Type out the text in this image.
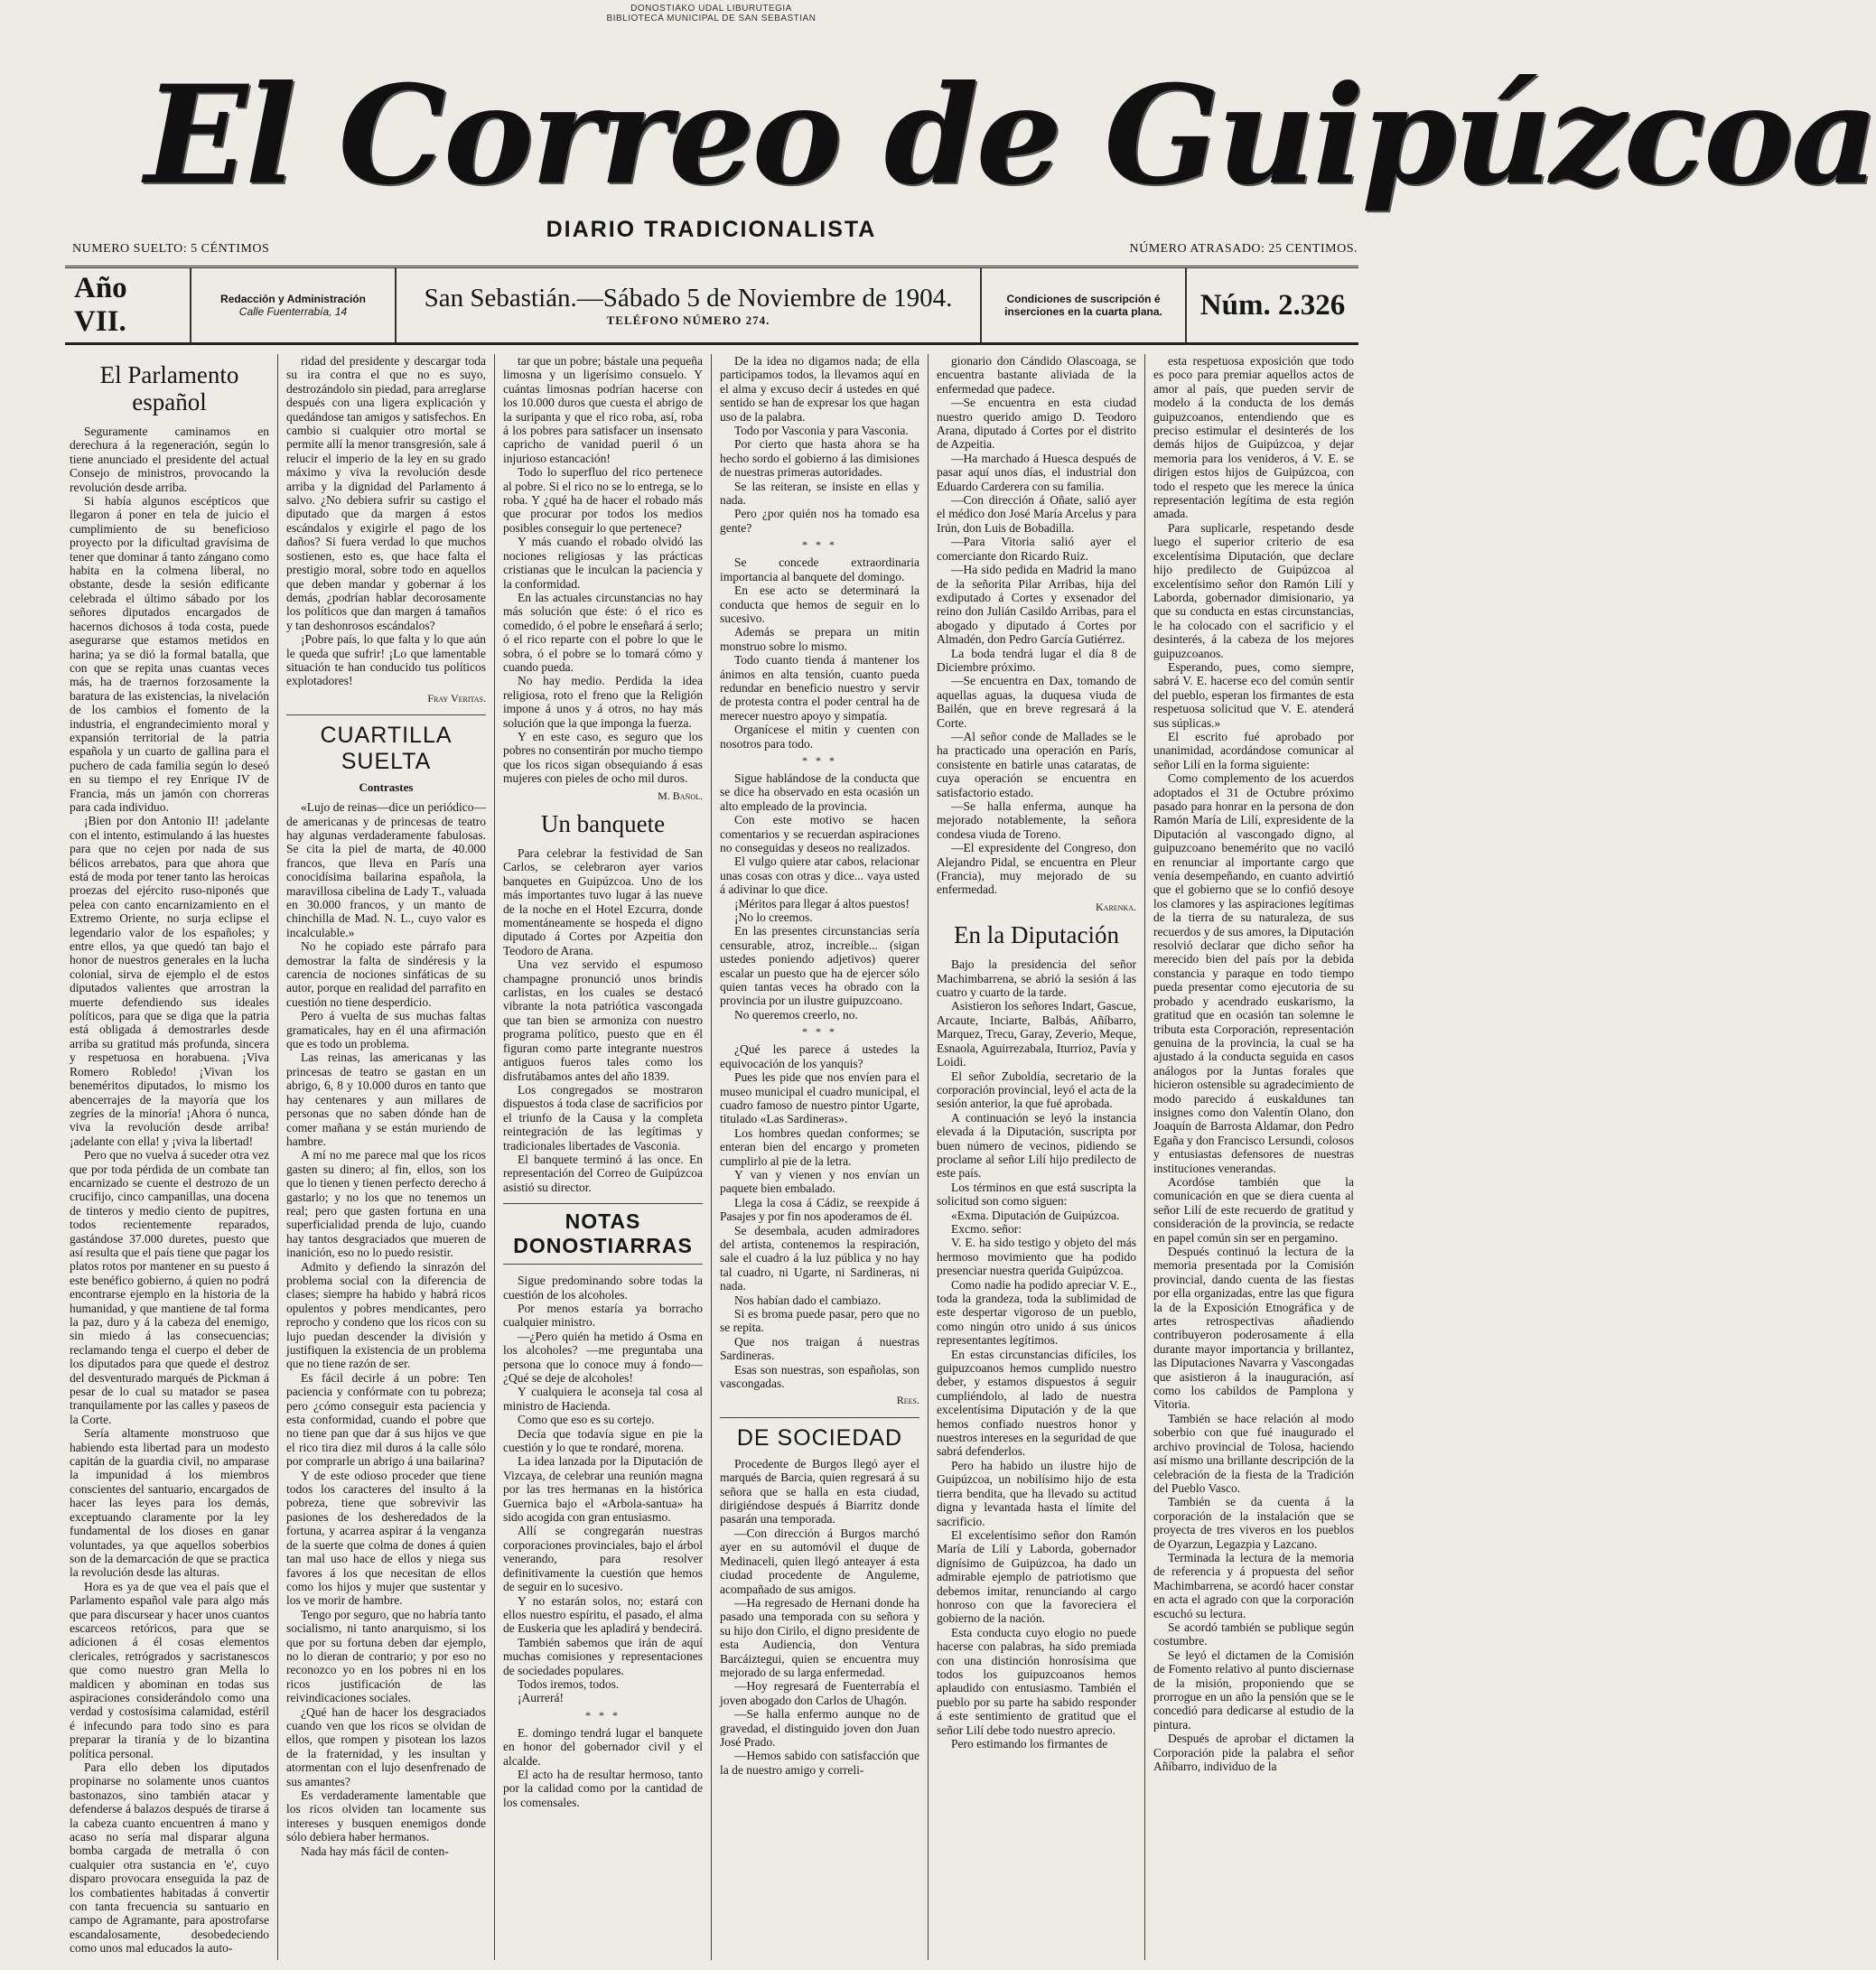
DONOSTIAKO UDAL LIBURUTEGIA
BIBLIOTECA MUNICIPAL DE SAN SEBASTIAN
El Correo de Guipúzcoa
DIARIO TRADICIONALISTA
NUMERO SUELTO: 5 CÉNTIMOS	NÚMERO ATRASADO: 25 CENTIMOS.
Año VII.
Redacción y Administración
Calle Fuenterrabía, 14	San Sebastián.—Sábado 5 de Noviembre de 1904.
TELÉFONO NÚMERO 274.
Condiciones de suscripción é inserciones en la cuarta plana.	Núm. 2.326
El Parlamento español

Seguramente caminamos en derechura á la regeneración, según lo tiene anunciado el presidente del actual Consejo de ministros, provocando la revolución desde arriba.

Si había algunos escépticos que llegaron á poner en tela de juicio el cumplimiento de su beneficioso proyecto por la dificultad gravísima de tener que dominar á tanto zángano como habita en la colmena liberal, no obstante, desde la sesión edificante celebrada el último sábado por los señores diputados encargados de hacernos dichosos á toda costa, puede asegurarse que estamos metidos en harina; ya se dió la formal batalla, que con que se repita unas cuantas veces más, ha de traernos forzosamente la baratura de las existencias, la nivelación de los cambios el fomento de la industria, el engrandecimiento moral y expansión territorial de la patria española y un cuarto de gallina para el puchero de cada familia según lo deseó en su tiempo el rey Enrique IV de Francia, más un jamón con chorreras para cada individuo.

¡Bien por don Antonio II! ¡adelante con el intento, estimulando á las huestes para que no cejen por nada de sus bélicos arrebatos, para que ahora que está de moda por tener tanto las heroicas proezas del ejército ruso-niponés que pelea con canto encarnizamiento en el Extremo Oriente, no surja eclipse el legendario valor de los españoles; y entre ellos, ya que quedó tan bajo el honor de nuestros generales en la lucha colonial, sirva de ejemplo el de estos diputados valientes que arrostran la muerte defendiendo sus ideales políticos, para que se diga que la patria está obligada á demostrarles desde arriba su gratitud más profunda, sincera y respetuosa en horabuena. ¡Viva Romero Robledo! ¡Vivan los beneméritos diputados, lo mismo los abencerrajes de la mayoría que los zegríes de la minoría! ¡Ahora ó nunca, viva la revolución desde arriba! ¡adelante con ella! y ¡viva la libertad!

Pero que no vuelva á suceder otra vez que por toda pérdida de un combate tan encarnizado se cuente el destrozo de un crucifijo, cinco campanillas, una docena de tinteros y medio ciento de pupitres, todos recientemente reparados, gastándose 37.000 duretes, puesto que así resulta que el país tiene que pagar los platos rotos por mantener en su puesto á este benéfico gobierno, á quien no podrá encontrarse ejemplo en la historia de la humanidad, y que mantiene de tal forma la paz, duro y á la cabeza del enemigo, sin miedo á las consecuencias; reclamando tenga el cuerpo el deber de los diputados para que quede el destroz del desventurado marqués de Pickman á pesar de lo cual su matador se pasea tranquilamente por las calles y paseos de la Corte.

Sería altamente monstruoso que habiendo esta libertad para un modesto capitán de la guardia civil, no amparase la impunidad á los miembros conscientes del santuario, encargados de hacer las leyes para los demás, exceptuando claramente por la ley fundamental de los dioses en ganar voluntades, ya que aquellos soberbios son de la demarcación de que se practica la revolución desde las alturas.

Hora es ya de que vea el país que el Parlamento español vale para algo más que para discursear y hacer unos cuantos escarceos retóricos, para que se adicionen á él cosas elementos clericales, retrógrados y sacristanescos que como nuestro gran Mella lo maldicen y abominan en todas sus aspiraciones considerándolo como una verdad y costosísima calamidad, estéril é infecundo para todo sino es para preparar la tiranía y de lo bizantina política personal.

Para ello deben los diputados propinarse no solamente unos cuantos bastonazos, sino también atacar y defenderse á balazos después de tirarse á la cabeza cuanto encuentren á mano y acaso no sería mal disparar alguna bomba cargada de metralla ó con cualquier otra sustancia en 'e', cuyo disparo provocara enseguida la paz de los combatientes habitadas á convertir con tanta frecuencia su santuario en campo de Agramante, para apostrofarse escandalosamente, desobedeciendo como unos mal educados la auto-

ridad del presidente y descargar toda su ira contra el que no es suyo, destrozándolo sin piedad, para arreglarse después con una ligera explicación y quedándose tan amigos y satisfechos. En cambio si cualquier otro mortal se permite allí la menor transgresión, sale á relucir el imperio de la ley en su grado máximo y viva la revolución desde arriba y la dignidad del Parlamento á salvo. ¿No debiera sufrir su castigo el diputado que da margen á estos escándalos y exigirle el pago de los daños? Si fuera verdad lo que muchos sostienen, esto es, que hace falta el prestigio moral, sobre todo en aquellos que deben mandar y gobernar á los demás, ¿podrían hablar decorosamente los políticos que dan margen á tamaños y tan deshonrosos escándalos?

¡Pobre país, lo que falta y lo que aún le queda que sufrir! ¡Lo que lamentable situación te han conducido tus políticos explotadores!

Fray Veritas.

CUARTILLA SUELTA
Contrastes

«Lujo de reinas—dice un periódico—de americanas y de princesas de teatro hay algunas verdaderamente fabulosas. Se cita la piel de marta, de 40.000 francos, que lleva en París una conocidísima bailarina española, la maravillosa cibelina de Lady T., valuada en 30.000 francos, y un manto de chinchilla de Mad. N. L., cuyo valor es incalculable.»

No he copiado este párrafo para demostrar la falta de sindéresis y la carencia de nociones sinfáticas de su autor, porque en realidad del parrafito en cuestión no tiene desperdicio.

Pero á vuelta de sus muchas faltas gramaticales, hay en él una afirmación que es todo un problema.

Las reinas, las americanas y las princesas de teatro se gastan en un abrigo, 6, 8 y 10.000 duros en tanto que hay centenares y aun millares de personas que no saben dónde han de comer mañana y se están muriendo de hambre.

A mí no me parece mal que los ricos gasten su dinero; al fin, ellos, son los que lo tienen y tienen perfecto derecho á gastarlo; y no los que no tenemos un real; pero que gasten fortuna en una superficialidad prenda de lujo, cuando hay tantos desgraciados que mueren de inanición, eso no lo puedo resistir.

Admito y defiendo la sinrazón del problema social con la diferencia de clases; siempre ha habido y habrá ricos opulentos y pobres mendicantes, pero reprocho y condeno que los ricos con su lujo puedan descender la división y justifiquen la existencia de un problema que no tiene razón de ser.

Es fácil decirle á un pobre: Ten paciencia y confórmate con tu pobreza; pero ¿cómo conseguir esta paciencia y esta conformidad, cuando el pobre que no tiene pan que dar á sus hijos ve que el rico tira diez mil duros á la calle sólo por comprarle un abrigo á una bailarina?

Y de este odioso proceder que tiene todos los caracteres del insulto á la pobreza, tiene que sobrevivir las pasiones de los desheredados de la fortuna, y acarrea aspirar á la venganza de la suerte que colma de dones á quien tan mal uso hace de ellos y niega sus favores á los que necesitan de ellos como los hijos y mujer que sustentar y los ve morir de hambre.

Tengo por seguro, que no habría tanto socialismo, ni tanto anarquismo, si los que por su fortuna deben dar ejemplo, no lo dieran de contrario; y por eso no reconozco yo en los pobres ni en los ricos justificación de las reivindicaciones sociales.

¿Qué han de hacer los desgraciados cuando ven que los ricos se olvidan de ellos, que rompen y pisotean los lazos de la fraternidad, y les insultan y atormentan con el lujo desenfrenado de sus amantes?

Es verdaderamente lamentable que los ricos olviden tan locamente sus intereses y busquen enemigos donde sólo debiera haber hermanos.

Nada hay más fácil de conten-

tar que un pobre; bástale una pequeña limosna y un ligerísimo consuelo. Y cuántas limosnas podrían hacerse con los 10.000 duros que cuesta el abrigo de la suripanta y que el rico roba, así, roba á los pobres para satisfacer un insensato capricho de vanidad pueril ó un injurioso estancación!

Todo lo superfluo del rico pertenece al pobre. Si el rico no se lo entrega, se lo roba. Y ¿qué ha de hacer el robado más que procurar por todos los medios posibles conseguir lo que pertenece?

Y más cuando el robado olvidó las nociones religiosas y las prácticas cristianas que le inculcan la paciencia y la conformidad.

En las actuales circunstancias no hay más solución que éste: ó el rico es comedido, ó el pobre le enseñará á serlo; ó el rico reparte con el pobre lo que le sobra, ó el pobre se lo tomará cómo y cuando pueda.

No hay medio. Perdida la idea religiosa, roto el freno que la Religión impone á unos y á otros, no hay más solución que la que imponga la fuerza.

Y en este caso, es seguro que los pobres no consentirán por mucho tiempo que los ricos sigan obsequiando á esas mujeres con pieles de ocho mil duros.

M. Bañol.

Un banquete

Para celebrar la festividad de San Carlos, se celebraron ayer varios banquetes en Guipúzcoa. Uno de los más importantes tuvo lugar á las nueve de la noche en el Hotel Ezcurra, donde momentáneamente se hospeda el digno diputado á Cortes por Azpeitia don Teodoro de Arana.

Una vez servido el espumoso champagne pronunció unos brindis carlistas, en los cuales se destacó vibrante la nota patriótica vascongada que tan bien se armoniza con nuestro programa político, puesto que en él figuran como parte integrante nuestros antiguos fueros tales como los disfrutábamos antes del año 1839.

Los congregados se mostraron dispuestos á toda clase de sacrificios por el triunfo de la Causa y la completa reintegración de las legítimas y tradicionales libertades de Vasconia.

El banquete terminó á las once. En representación del Correo de Guipúzcoa asistió su director.

NOTAS DONOSTIARRAS

Sigue predominando sobre todas la cuestión de los alcoholes.

Por menos estaría ya borracho cualquier ministro.

—¿Pero quién ha metido á Osma en los alcoholes? —me preguntaba una persona que lo conoce muy á fondo—¿Qué se deje de alcoholes!

Y cualquiera le aconseja tal cosa al ministro de Hacienda.

Como que eso es su cortejo.

Decía que todavía sigue en pie la cuestión y lo que te rondaré, morena.

La idea lanzada por la Diputación de Vizcaya, de celebrar una reunión magna por las tres hermanas en la histórica Guernica bajo el «Arbola-santua» ha sido acogida con gran entusiasmo.

Allí se congregarán nuestras corporaciones provinciales, bajo el árbol venerando, para resolver definitivamente la cuestión que hemos de seguir en lo sucesivo.

Y no estarán solos, no; estará con ellos nuestro espíritu, el pasado, el alma de Euskeria que les apladirá y bendecirá.

También sabemos que irán de aquí muchas comisiones y representaciones de sociedades populares.

Todos iremos, todos.

¡Aurrerá!

* * *

E. domingo tendrá lugar el banquete en honor del gobernador civil y el alcalde.

El acto ha de resultar hermoso, tanto por la calidad como por la cantidad de los comensales.

De la idea no digamos nada; de ella participamos todos, la llevamos aquí en el alma y excuso decir á ustedes en qué sentido se han de expresar los que hagan uso de la palabra.

Todo por Vasconia y para Vasconia.

Por cierto que hasta ahora se ha hecho sordo el gobierno á las dimisiones de nuestras primeras autoridades.

Se las reiteran, se insiste en ellas y nada.

Pero ¿por quién nos ha tomado esa gente?

* * *

Se concede extraordinaria importancia al banquete del domingo.

En ese acto se determinará la conducta que hemos de seguir en lo sucesivo.

Además se prepara un mitin monstruo sobre lo mismo.

Todo cuanto tienda á mantener los ánimos en alta tensión, cuanto pueda redundar en beneficio nuestro y servir de protesta contra el poder central ha de merecer nuestro apoyo y simpatía.

Organícese el mitin y cuenten con nosotros para todo.

* * *

Sigue hablándose de la conducta que se dice ha observado en esta ocasión un alto empleado de la provincia.

Con este motivo se hacen comentarios y se recuerdan aspiraciones no conseguidas y deseos no realizados.

El vulgo quiere atar cabos, relacionar unas cosas con otras y dice... vaya usted á adivinar lo que dice.

¡Méritos para llegar á altos puestos!

¡No lo creemos.

En las presentes circunstancias sería censurable, atroz, increíble... (sigan ustedes poniendo adjetivos) querer escalar un puesto que ha de ejercer sólo quien tantas veces ha obrado con la provincia por un ilustre guipuzcoano.

No queremos creerlo, no.

* * *

¿Qué les parece á ustedes la equivocación de los yanquis?

Pues les pide que nos envíen para el museo municipal el cuadro municipal, el cuadro famoso de nuestro pintor Ugarte, titulado «Las Sardineras».

Los hombres quedan conformes; se enteran bien del encargo y prometen cumplirlo al pie de la letra.

Y van y vienen y nos envían un paquete bien embalado.

Llega la cosa á Cádiz, se reexpide á Pasajes y por fin nos apoderamos de él.

Se desembala, acuden admiradores del artista, contenemos la respiración, sale el cuadro á la luz pública y no hay tal cuadro, ni Ugarte, ni Sardineras, ni nada.

Nos habían dado el cambiazo.

Si es broma puede pasar, pero que no se repita.

Que nos traigan á nuestras Sardineras.

Esas son nuestras, son españolas, son vascongadas.

Rees.

DE SOCIEDAD

Procedente de Burgos llegó ayer el marqués de Barcia, quien regresará á su señora que se halla en esta ciudad, dirigiéndose después á Biarritz donde pasarán una temporada.

—Con dirección á Burgos marchó ayer en su automóvil el duque de Medinaceli, quien llegó anteayer á esta ciudad procedente de Anguleme, acompañado de sus amigos.

—Ha regresado de Hernani donde ha pasado una temporada con su señora y su hijo don Cirilo, el digno presidente de esta Audiencia, don Ventura Barcáiztegui, quien se encuentra muy mejorado de su larga enfermedad.

—Hoy regresará de Fuenterrabía el joven abogado don Carlos de Uhagón.

—Se halla enfermo aunque no de gravedad, el distinguido joven don Juan José Prado.

—Hemos sabido con satisfacción que la de nuestro amigo y correli-

gionario don Cándido Olascoaga, se encuentra bastante aliviada de la enfermedad que padece.

—Se encuentra en esta ciudad nuestro querido amigo D. Teodoro Arana, diputado á Cortes por el distrito de Azpeitia.

—Ha marchado á Huesca después de pasar aquí unos días, el industrial don Eduardo Carderera con su familia.

—Con dirección á Oñate, salió ayer el médico don José María Arcelus y para Irún, don Luis de Bobadilla.

—Para Vitoria salió ayer el comerciante don Ricardo Ruiz.

—Ha sido pedida en Madrid la mano de la señorita Pilar Arribas, hija del exdiputado á Cortes y exsenador del reino don Julián Casildo Arribas, para el abogado y diputado á Cortes por Almadén, don Pedro García Gutiérrez.

La boda tendrá lugar el día 8 de Diciembre próximo.

—Se encuentra en Dax, tomando de aquellas aguas, la duquesa viuda de Bailén, que en breve regresará á la Corte.

—Al señor conde de Mallades se le ha practicado una operación en París, consistente en batirle unas cataratas, de cuya operación se encuentra en satisfactorio estado.

—Se halla enferma, aunque ha mejorado notablemente, la señora condesa viuda de Toreno.

—El expresidente del Congreso, don Alejandro Pidal, se encuentra en Pleur (Francia), muy mejorado de su enfermedad.

Karenka.

En la Diputación

Bajo la presidencia del señor Machimbarrena, se abrió la sesión á las cuatro y cuarto de la tarde.

Asistieron los señores Indart, Gascue, Arcaute, Inciarte, Balbás, Añíbarro, Marquez, Trecu, Garay, Zeverio, Meque, Esnaola, Aguirrezabala, Iturrioz, Pavía y Loidi.

El señor Zuboldía, secretario de la corporación provincial, leyó el acta de la sesión anterior, la que fué aprobada.

A continuación se leyó la instancia elevada á la Diputación, suscripta por buen número de vecinos, pidiendo se proclame al señor Lilí hijo predilecto de este país.

Los términos en que está suscripta la solicitud son como siguen:

«Exma. Diputación de Guipúzcoa.

Excmo. señor:

V. E. ha sido testigo y objeto del más hermoso movimiento que ha podido presenciar nuestra querida Guipúzcoa.

Como nadie ha podido apreciar V. E., toda la grandeza, toda la sublimidad de este despertar vigoroso de un pueblo, como ningún otro unido á sus únicos representantes legítimos.

En estas circunstancias difíciles, los guipuzcoanos hemos cumplido nuestro deber, y estamos dispuestos á seguir cumpliéndolo, al lado de nuestra excelentísima Diputación y de la que hemos confiado nuestros honor y nuestros intereses en la seguridad de que sabrá defenderlos.

Pero ha habido un ilustre hijo de Guipúzcoa, un nobilísimo hijo de esta tierra bendita, que ha llevado su actitud digna y levantada hasta el límite del sacrificio.

El excelentísimo señor don Ramón María de Lilí y Laborda, gobernador dignísimo de Guipúzcoa, ha dado un admirable ejemplo de patriotismo que debemos imitar, renunciando al cargo honroso con que la favoreciera el gobierno de la nación.

Esta conducta cuyo elogio no puede hacerse con palabras, ha sido premiada con una distinción honrosísima que todos los guipuzcoanos hemos aplaudido con entusiasmo. También el pueblo por su parte ha sabido responder á este sentimiento de gratitud que el señor Lilí debe todo nuestro aprecio.

Pero estimando los firmantes de

esta respetuosa exposición que todo es poco para premiar aquellos actos de amor al país, que pueden servir de modelo á la conducta de los demás guipuzcoanos, entendiendo que es preciso estimular el desinterés de los demás hijos de Guipúzcoa, y dejar memoria para los venideros, á V. E. se dirigen estos hijos de Guipúzcoa, con todo el respeto que les merece la única representación legítima de esta región amada.

Para suplicarle, respetando desde luego el superior criterio de esa excelentísima Diputación, que declare hijo predilecto de Guipúzcoa al excelentísimo señor don Ramón Lilí y Laborda, gobernador dimisionario, ya que su conducta en estas circunstancias, le ha colocado con el sacrificio y el desinterés, á la cabeza de los mejores guipuzcoanos.

Esperando, pues, como siempre, sabrá V. E. hacerse eco del común sentir del pueblo, esperan los firmantes de esta respetuosa solicitud que V. E. atenderá sus súplicas.»

El escrito fué aprobado por unanimidad, acordándose comunicar al señor Lilí en la forma siguiente:

Como complemento de los acuerdos adoptados el 31 de Octubre próximo pasado para honrar en la persona de don Ramón María de Lilí, expresidente de la Diputación al vascongado digno, al guipuzcoano benemérito que no vaciló en renunciar al importante cargo que venía desempeñando, en cuanto advirtió que el gobierno que se lo confió desoye los clamores y las aspiraciones legítimas de la tierra de su naturaleza, de sus recuerdos y de sus amores, la Diputación resolvió declarar que dicho señor ha merecido bien del país por la debida constancia y paraque en todo tiempo pueda presentar como ejecutoria de su probado y acendrado euskarismo, la gratitud que en ocasión tan solemne le tributa esta Corporación, representación genuina de la provincia, la cual se ha ajustado á la conducta seguida en casos análogos por la Juntas forales que hicieron ostensible su agradecimiento de modo parecido á euskaldunes tan insignes como don Valentín Olano, don Joaquín de Barrosta Aldamar, don Pedro Egaña y don Francisco Lersundi, colosos y entusiastas defensores de nuestras instituciones venerandas.

Acordóse también que la comunicación en que se diera cuenta al señor Lilí de este recuerdo de gratitud y consideración de la provincia, se redacte en papel común sin ser en pergamino.

Después continuó la lectura de la memoria presentada por la Comisión provincial, dando cuenta de las fiestas por ella organizadas, entre las que figura la de la Exposición Etnográfica y de artes retrospectivas añadiendo contribuyeron poderosamente á ella durante mayor importancia y brillantez, las Diputaciones Navarra y Vascongadas que asistieron á la inauguración, así como los cabildos de Pamplona y Vitoria.

También se hace relación al modo soberbio con que fué inaugurado el archivo provincial de Tolosa, haciendo así mismo una brillante descripción de la celebración de la fiesta de la Tradición del Pueblo Vasco.

También se da cuenta á la corporación de la instalación que se proyecta de tres viveros en los pueblos de Oyarzun, Legazpia y Lazcano.

Terminada la lectura de la memoria de referencia y á propuesta del señor Machimbarrena, se acordó hacer constar en acta el agrado con que la corporación escuchó su lectura.

Se acordó también se publique según costumbre.

Se leyó el dictamen de la Comisión de Fomento relativo al punto disciernase de la misión, proponiendo que se prorrogue en un año la pensión que se le concedió para dedicarse al estudio de la pintura.

Después de aprobar el dictamen la Corporación pide la palabra el señor Añíbarro, individuo de la
